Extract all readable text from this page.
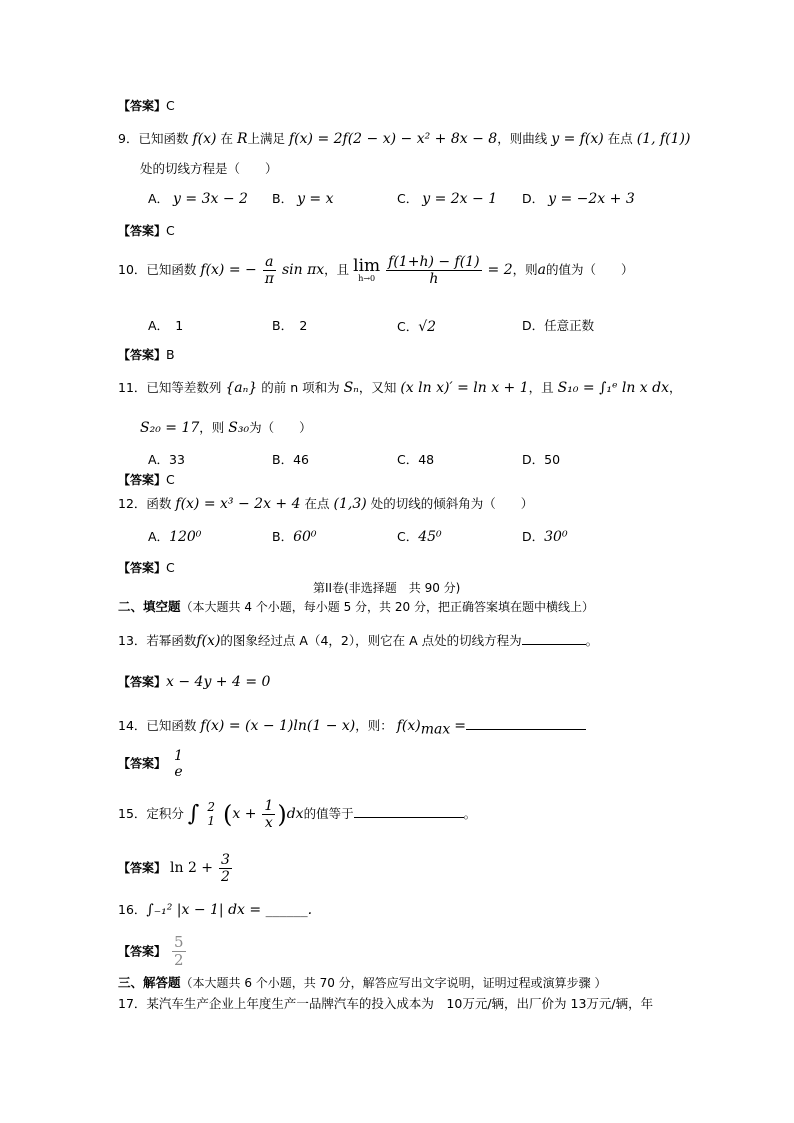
【答案】C
9．已知函数 f(x) 在 R上满足 f(x) = 2f(2 − x) − x² + 8x − 8，则曲线 y = f(x) 在点 (1, f(1))
处的切线方程是（　　）
A． y = 3x − 2 B． y = x	C． y = 2x − 1 D． y = −2x + 3
【答案】C
10．已知函数 f(x) = − $\frac{a}{\pi}$ sin πx，且 lim
h→0
$\frac{f(1+h) - f(1)}{h} = 2$，则a的值为（　　）
A．　1	B．　2	C．√2	D．任意正数
【答案】B
11．已知等差数列 {aₙ} 的前 n 项和为 Sₙ，又知 (x ln x)′ = ln x + 1，且 S₁₀ = ∫₁ᵉ ln x dx，
S₂₀ = 17，则 S₃₀为（　　）
A．33	B．46	C．48	D．50
【答案】C
12．函数 f(x) = x³ − 2x + 4 在点 (1,3) 处的切线的倾斜角为（　　）
A．120⁰	B．60⁰	C．45⁰	D．30⁰
【答案】C
第II卷(非选择题　共 90 分)
二、填空题（本大题共 4 个小题，每小题 5 分，共 20 分，把正确答案填在题中横线上）
13．若幂函数f(x)的图象经过点 A（4，2），则它在 A 点处的切线方程为	。
【答案】x − 4y + 4 = 0
14．已知函数 f(x) = (x − 1)ln(1 − x)，则： $f(x)_{max}$ =
【答案】 1
e
15．定积分 ∫ 2
1 $(x + \frac{1}{x} )dx$的值等于	。
【答案】 $\ln 2 + \frac{3}{2}$
16．∫₋₁² |x − 1| dx = ______.
【答案】 $\frac{5}{2}$
三、解答题（本大题共 6 个小题，共 70 分，解答应写出文字说明，证明过程或演算步骤 ）
17．某汽车生产企业上年度生产一品牌汽车的投入成本为　10万元/辆，出厂价为 13万元/辆，年
